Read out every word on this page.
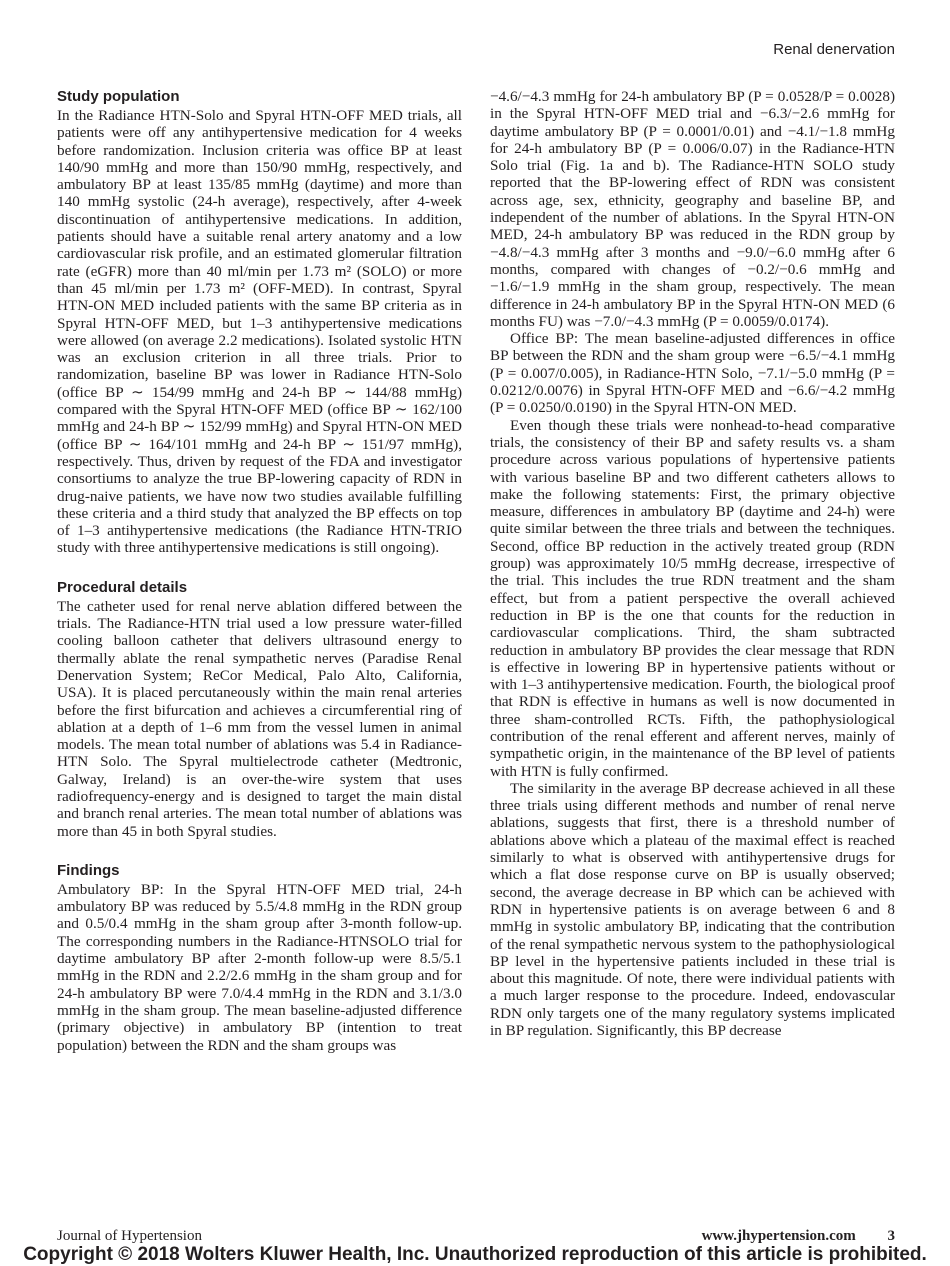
Renal denervation
Study population

In the Radiance HTN-Solo and Spyral HTN-OFF MED trials, all patients were off any antihypertensive medication for 4 weeks before randomization. Inclusion criteria was office BP at least 140/90 mmHg and more than 150/90 mmHg, respectively, and ambulatory BP at least 135/85 mmHg (daytime) and more than 140 mmHg systolic (24-h average), respectively, after 4-week discontinuation of antihypertensive medications. In addition, patients should have a suitable renal artery anatomy and a low cardiovascular risk profile, and an estimated glomerular filtration rate (eGFR) more than 40 ml/min per 1.73 m² (SOLO) or more than 45 ml/min per 1.73 m² (OFF-MED). In contrast, Spyral HTN-ON MED included patients with the same BP criteria as in Spyral HTN-OFF MED, but 1–3 antihypertensive medications were allowed (on average 2.2 medications). Isolated systolic HTN was an exclusion criterion in all three trials. Prior to randomization, baseline BP was lower in Radiance HTN-Solo (office BP ∼ 154/99 mmHg and 24-h BP ∼ 144/88 mmHg) compared with the Spyral HTN-OFF MED (office BP ∼ 162/100 mmHg and 24-h BP ∼ 152/99 mmHg) and Spyral HTN-ON MED (office BP ∼ 164/101 mmHg and 24-h BP ∼ 151/97 mmHg), respectively. Thus, driven by request of the FDA and investigator consortiums to analyze the true BP-lowering capacity of RDN in drug-naive patients, we have now two studies available fulfilling these criteria and a third study that analyzed the BP effects on top of 1–3 antihypertensive medications (the Radiance HTN-TRIO study with three antihypertensive medications is still ongoing).

Procedural details

The catheter used for renal nerve ablation differed between the trials. The Radiance-HTN trial used a low pressure water-filled cooling balloon catheter that delivers ultrasound energy to thermally ablate the renal sympathetic nerves (Paradise Renal Denervation System; ReCor Medical, Palo Alto, California, USA). It is placed percutaneously within the main renal arteries before the first bifurcation and achieves a circumferential ring of ablation at a depth of 1–6 mm from the vessel lumen in animal models. The mean total number of ablations was 5.4 in Radiance-HTN Solo. The Spyral multielectrode catheter (Medtronic, Galway, Ireland) is an over-the-wire system that uses radiofrequency-energy and is designed to target the main distal and branch renal arteries. The mean total number of ablations was more than 45 in both Spyral studies.

Findings

Ambulatory BP: In the Spyral HTN-OFF MED trial, 24-h ambulatory BP was reduced by 5.5/4.8 mmHg in the RDN group and 0.5/0.4 mmHg in the sham group after 3-month follow-up. The corresponding numbers in the Radiance-HTNSOLO trial for daytime ambulatory BP after 2-month follow-up were 8.5/5.1 mmHg in the RDN and 2.2/2.6 mmHg in the sham group and for 24-h ambulatory BP were 7.0/4.4 mmHg in the RDN and 3.1/3.0 mmHg in the sham group. The mean baseline-adjusted difference (primary objective) in ambulatory BP (intention to treat population) between the RDN and the sham groups was

−4.6/−4.3 mmHg for 24-h ambulatory BP (P = 0.0528/P = 0.0028) in the Spyral HTN-OFF MED trial and −6.3/−2.6 mmHg for daytime ambulatory BP (P = 0.0001/0.01) and −4.1/−1.8 mmHg for 24-h ambulatory BP (P = 0.006/0.07) in the Radiance-HTN Solo trial (Fig. 1a and b). The Radiance-HTN SOLO study reported that the BP-lowering effect of RDN was consistent across age, sex, ethnicity, geography and baseline BP, and independent of the number of ablations. In the Spyral HTN-ON MED, 24-h ambulatory BP was reduced in the RDN group by −4.8/−4.3 mmHg after 3 months and −9.0/−6.0 mmHg after 6 months, compared with changes of −0.2/−0.6 mmHg and −1.6/−1.9 mmHg in the sham group, respectively. The mean difference in 24-h ambulatory BP in the Spyral HTN-ON MED (6 months FU) was −7.0/−4.3 mmHg (P = 0.0059/0.0174).

Office BP: The mean baseline-adjusted differences in office BP between the RDN and the sham group were −6.5/−4.1 mmHg (P = 0.007/0.005), in Radiance-HTN Solo, −7.1/−5.0 mmHg (P = 0.0212/0.0076) in Spyral HTN-OFF MED and −6.6/−4.2 mmHg (P = 0.0250/0.0190) in the Spyral HTN-ON MED.

Even though these trials were nonhead-to-head comparative trials, the consistency of their BP and safety results vs. a sham procedure across various populations of hypertensive patients with various baseline BP and two different catheters allows to make the following statements: First, the primary objective measure, differences in ambulatory BP (daytime and 24-h) were quite similar between the three trials and between the techniques. Second, office BP reduction in the actively treated group (RDN group) was approximately 10/5 mmHg decrease, irrespective of the trial. This includes the true RDN treatment and the sham effect, but from a patient perspective the overall achieved reduction in BP is the one that counts for the reduction in cardiovascular complications. Third, the sham subtracted reduction in ambulatory BP provides the clear message that RDN is effective in lowering BP in hypertensive patients without or with 1–3 antihypertensive medication. Fourth, the biological proof that RDN is effective in humans as well is now documented in three sham-controlled RCTs. Fifth, the pathophysiological contribution of the renal efferent and afferent nerves, mainly of sympathetic origin, in the maintenance of the BP level of patients with HTN is fully confirmed.

The similarity in the average BP decrease achieved in all these three trials using different methods and number of renal nerve ablations, suggests that first, there is a threshold number of ablations above which a plateau of the maximal effect is reached similarly to what is observed with antihypertensive drugs for which a flat dose response curve on BP is usually observed; second, the average decrease in BP which can be achieved with RDN in hypertensive patients is on average between 6 and 8 mmHg in systolic ambulatory BP, indicating that the contribution of the renal sympathetic nervous system to the pathophysiological BP level in the hypertensive patients included in these trial is about this magnitude. Of note, there were individual patients with a much larger response to the procedure. Indeed, endovascular RDN only targets one of the many regulatory systems implicated in BP regulation. Significantly, this BP decrease

Journal of Hypertension	www.jhypertension.com 3
Copyright © 2018 Wolters Kluwer Health, Inc. Unauthorized reproduction of this article is prohibited.
